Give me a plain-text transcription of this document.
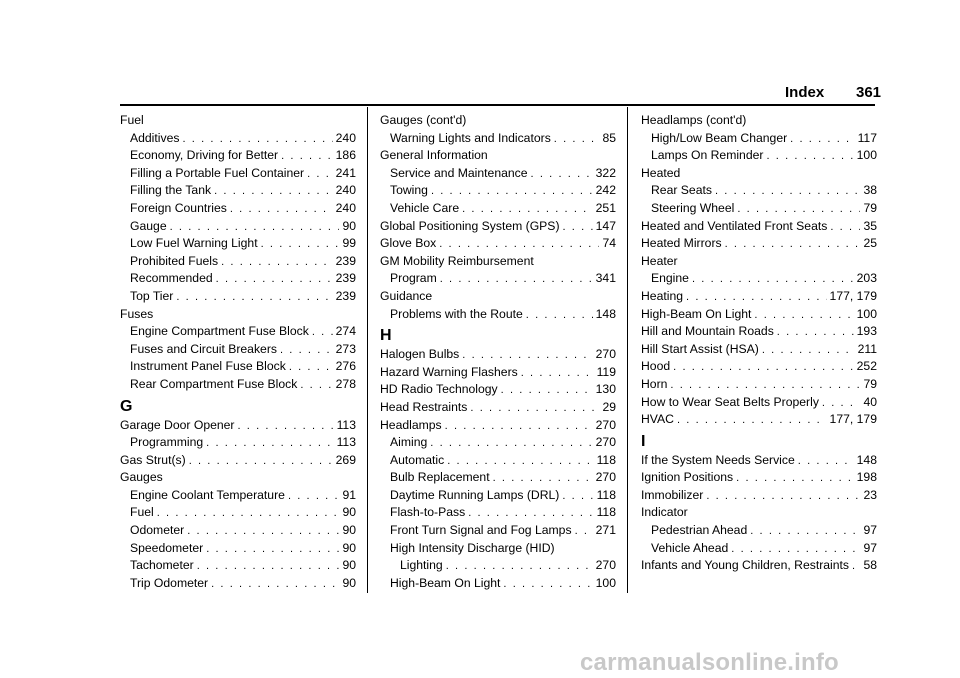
Index 361
Fuel
Additives . . .	240
Economy, Driving for Better . . .	186
Filling a Portable Fuel Container . . .	241
Filling the Tank . . .	240
Foreign Countries . . .	240
Gauge . . .	90
Low Fuel Warning Light . . .	99
Prohibited Fuels . . .	239
Recommended . . .	239
Top Tier . . .	239
Fuses
Engine Compartment Fuse Block . . . 274
Fuses and Circuit Breakers . . .	273
Instrument Panel Fuse Block . . .	276
Rear Compartment Fuse Block . . .	278
G
Garage Door Opener . . .	113
Programming . . .	113
Gas Strut(s) . . .	269
Gauges
Engine Coolant Temperature . . .	91
Fuel . . .	90
Odometer . . .	90
Speedometer . . .	90
Tachometer . . .	90
Trip Odometer . . .	90
Gauges (cont'd)
Warning Lights and Indicators . . .	85
General Information
Service and Maintenance . . .	322
Towing . . .	242
Vehicle Care . . .	251
Global Positioning System (GPS) . . .	147
Glove Box . . .	74
GM Mobility Reimbursement
Program . . .	341
Guidance
Problems with the Route . . .	148
H
Halogen Bulbs . . .	270
Hazard Warning Flashers . . .	119
HD Radio Technology . . .	130
Head Restraints . . .	29
Headlamps . . .	270
Aiming . . .	270
Automatic . . .	118
Bulb Replacement . . .	270
Daytime Running Lamps (DRL) . . .	118
Flash-to-Pass . . .	118
Front Turn Signal and Fog Lamps . . . 271
High Intensity Discharge (HID)
Lighting . . .	270
High-Beam On Light . . .	100
Headlamps (cont'd)
High/Low Beam Changer . . .	117
Lamps On Reminder . . .	100
Heated
Rear Seats . . .	38
Steering Wheel . . .	79
Heated and Ventilated Front Seats . . .	35
Heated Mirrors . . .	25
Heater
Engine . . .	203
Heating . . .	177, 179
High-Beam On Light . . .	100
Hill and Mountain Roads . . .	193
Hill Start Assist (HSA) . . .	211
Hood . . .	252
Horn . . .	79
How to Wear Seat Belts Properly . . .	40
HVAC . . .	177, 179
I
If the System Needs Service . . .	148
Ignition Positions . . .	198
Immobilizer . . .	23
Indicator
Pedestrian Ahead . . .	97
Vehicle Ahead . . .	97
Infants and Young Children, Restraints . . . 58
carmanualsonline.info
